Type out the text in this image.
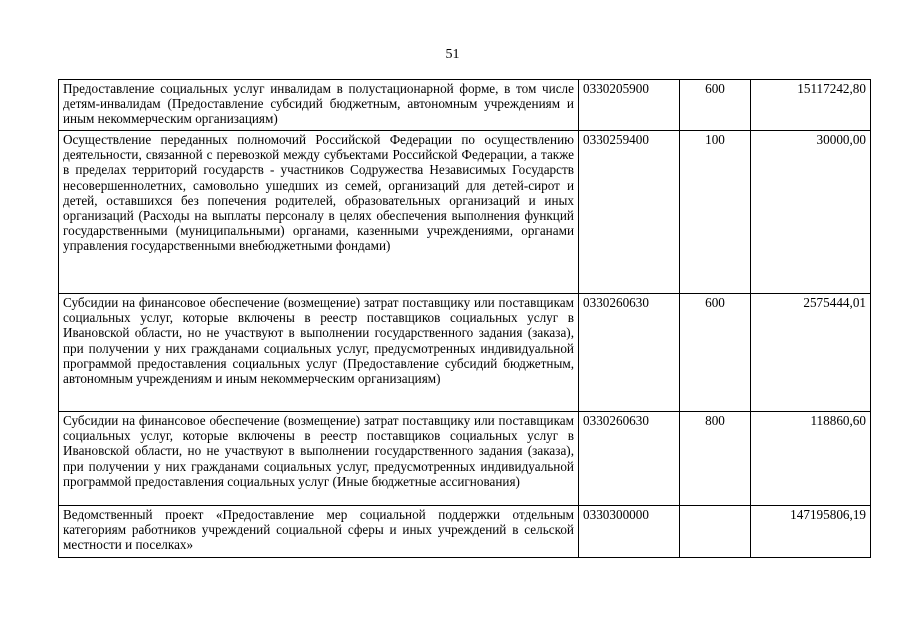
51
Предоставление социальных услуг инвалидам в полустационарной форме, в том числе детям-инвалидам (Предоставление субсидий бюджетным, автономным учреждениям и иным некоммерческим организациям)	0330205900	600	15117242,80
Осуществление переданных полномочий Российской Федерации по осуществлению деятельности, связанной с перевозкой между субъектами Российской Федерации, а также в пределах территорий государств - участников Содружества Независимых Государств несовершеннолетних, самовольно ушедших из семей, организаций для детей-сирот и детей, оставшихся без попечения родителей, образовательных организаций и иных организаций (Расходы на выплаты персоналу в целях обеспечения выполнения функций государственными (муниципальными) органами, казенными учреждениями, органами управления государственными внебюджетными фондами)	0330259400	100	30000,00
Субсидии на финансовое обеспечение (возмещение) затрат поставщику или поставщикам социальных услуг, которые включены в реестр поставщиков социальных услуг в Ивановской области, но не участвуют в выполнении государственного задания (заказа), при получении у них гражданами социальных услуг, предусмотренных индивидуальной программой предоставления социальных услуг (Предоставление субсидий бюджетным, автономным учреждениям и иным некоммерческим организациям)	0330260630	600	2575444,01
Субсидии на финансовое обеспечение (возмещение) затрат поставщику или поставщикам социальных услуг, которые включены в реестр поставщиков социальных услуг в Ивановской области, но не участвуют в выполнении государственного задания (заказа), при получении у них гражданами социальных услуг, предусмотренных индивидуальной программой предоставления социальных услуг (Иные бюджетные ассигнования)	0330260630	800	118860,60
Ведомственный проект «Предоставление мер социальной поддержки отдельным категориям работников учреждений социальной сферы и иных учреждений в сельской местности и поселках»	0330300000		147195806,19
